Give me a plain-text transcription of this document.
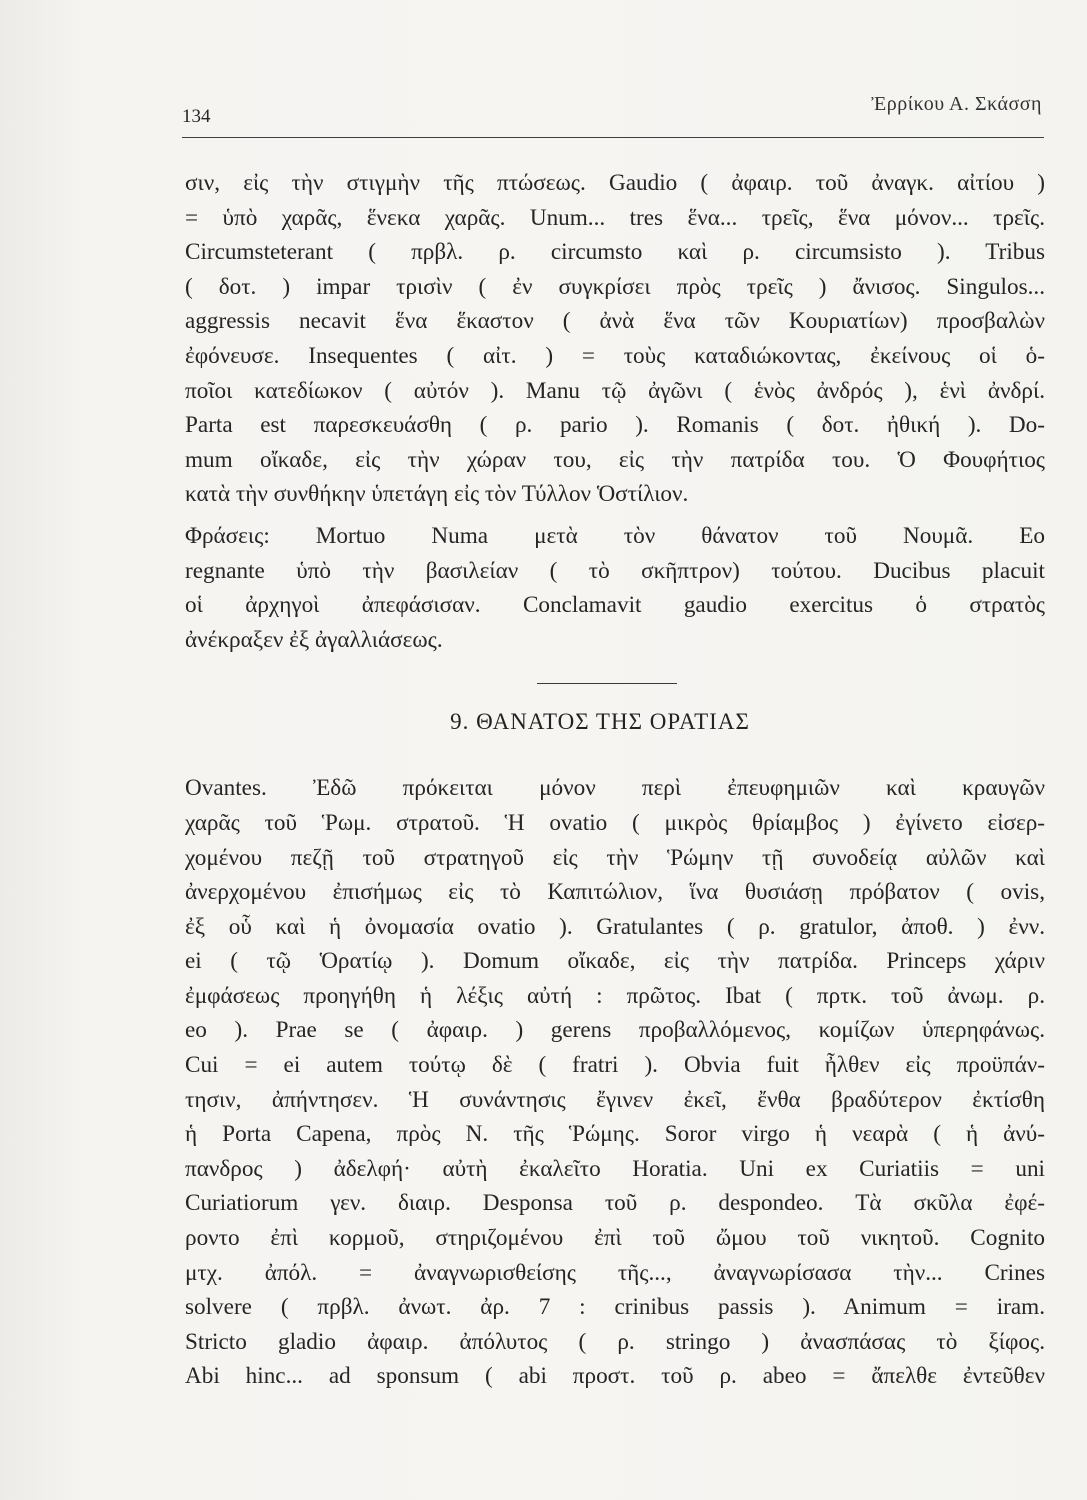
134
Ἐρρίκου Α. Σκάσση
σιν, εἰς τὴν στιγμὴν τῆς πτώσεως. Gaudio ( ἀφαιρ. τοῦ ἀναγκ. αἰτίου )
= ὑπὸ χαρᾶς, ἕνεκα χαρᾶς. Unum... tres ἕνα... τρεῖς, ἕνα μόνον... τρεῖς.
Circumsteterant ( πρβλ. ρ. circumsto καὶ ρ. circumsisto ). Tribus
( δοτ. ) impar τρισὶν ( ἐν συγκρίσει πρὸς τρεῖς ) ἄνισος. Singulos...
aggressis necavit ἕνα ἕκαστον ( ἀνὰ ἕνα τῶν Κουριατίων) προσβαλὼν
ἐφόνευσε. Insequentes ( αἰτ. ) = τοὺς καταδιώκοντας, ἐκείνους οἱ ὁ-
ποῖοι κατεδίωκον ( αὐτόν ). Manu τῷ ἀγῶνι ( ἑνὸς ἀνδρός ), ἑνὶ ἀνδρί.
Parta est παρεσκευάσθη ( ρ. pario ). Romanis ( δοτ. ἠθική ). Do-
mum οἴκαδε, εἰς τὴν χώραν του, εἰς τὴν πατρίδα του. Ὁ Φουφήτιος
κατὰ τὴν συνθήκην ὑπετάγη εἰς τὸν Τύλλον Ὁστίλιον.
Φράσεις: Mortuo Numa μετὰ τὸν θάνατον τοῦ Νουμᾶ. Eo
regnante ὑπὸ τὴν βασιλείαν ( τὸ σκῆπτρον) τούτου. Ducibus placuit
οἱ ἀρχηγοὶ ἀπεφάσισαν. Conclamavit gaudio exercitus ὁ στρατὸς
ἀνέκραξεν ἐξ ἀγαλλιάσεως.
9. ΘΑΝΑΤΟΣ ΤΗΣ ΟΡΑΤΙΑΣ
Ovantes. Ἐδῶ πρόκειται μόνον περὶ ἐπευφημιῶν καὶ κραυγῶν
χαρᾶς τοῦ Ῥωμ. στρατοῦ. Ἡ ovatio ( μικρὸς θρίαμβος ) ἐγίνετο εἰσερ-
χομένου πεζῇ τοῦ στρατηγοῦ εἰς τὴν Ῥώμην τῇ συνοδείᾳ αὐλῶν καὶ
ἀνερχομένου ἐπισήμως εἰς τὸ Καπιτώλιον, ἵνα θυσιάσῃ πρόβατον ( ovis,
ἐξ οὗ καὶ ἡ ὀνομασία ovatio ). Gratulantes ( ρ. gratulor, ἀποθ. ) ἐνν.
ei ( τῷ Ὁρατίῳ ). Domum οἴκαδε, εἰς τὴν πατρίδα. Princeps χάριν
ἐμφάσεως προηγήθη ἡ λέξις αὐτή : πρῶτος. Ibat ( πρτκ. τοῦ ἀνωμ. ρ.
eo ). Prae se ( ἀφαιρ. ) gerens προβαλλόμενος, κομίζων ὑπερηφάνως.
Cui = ei autem τούτῳ δὲ ( fratri ). Obvia fuit ἦλθεν εἰς προϋπάν-
τησιν, ἀπήντησεν. Ἡ συνάντησις ἔγινεν ἐκεῖ, ἔνθα βραδύτερον ἐκτίσθη
ἡ Porta Capena, πρὸς Ν. τῆς Ῥώμης. Soror virgo ἡ νεαρὰ ( ἡ ἀνύ-
πανδρος ) ἀδελφή· αὐτὴ ἐκαλεῖτο Horatia. Uni ex Curiatiis = uni
Curiatiorum γεν. διαιρ. Desponsa τοῦ ρ. despondeo. Τὰ σκῦλα ἐφέ-
ροντο ἐπὶ κορμοῦ, στηριζομένου ἐπὶ τοῦ ὤμου τοῦ νικητοῦ. Cognito
μτχ. ἀπόλ. = ἀναγνωρισθείσης τῆς..., ἀναγνωρίσασα τὴν... Crines
solvere ( πρβλ. ἀνωτ. ἀρ. 7 : crinibus passis ). Animum = iram.
Stricto gladio ἀφαιρ. ἀπόλυτος ( ρ. stringo ) ἀνασπάσας τὸ ξίφος.
Abi hinc... ad sponsum ( abi προστ. τοῦ ρ. abeo = ἄπελθε ἐντεῦθεν
